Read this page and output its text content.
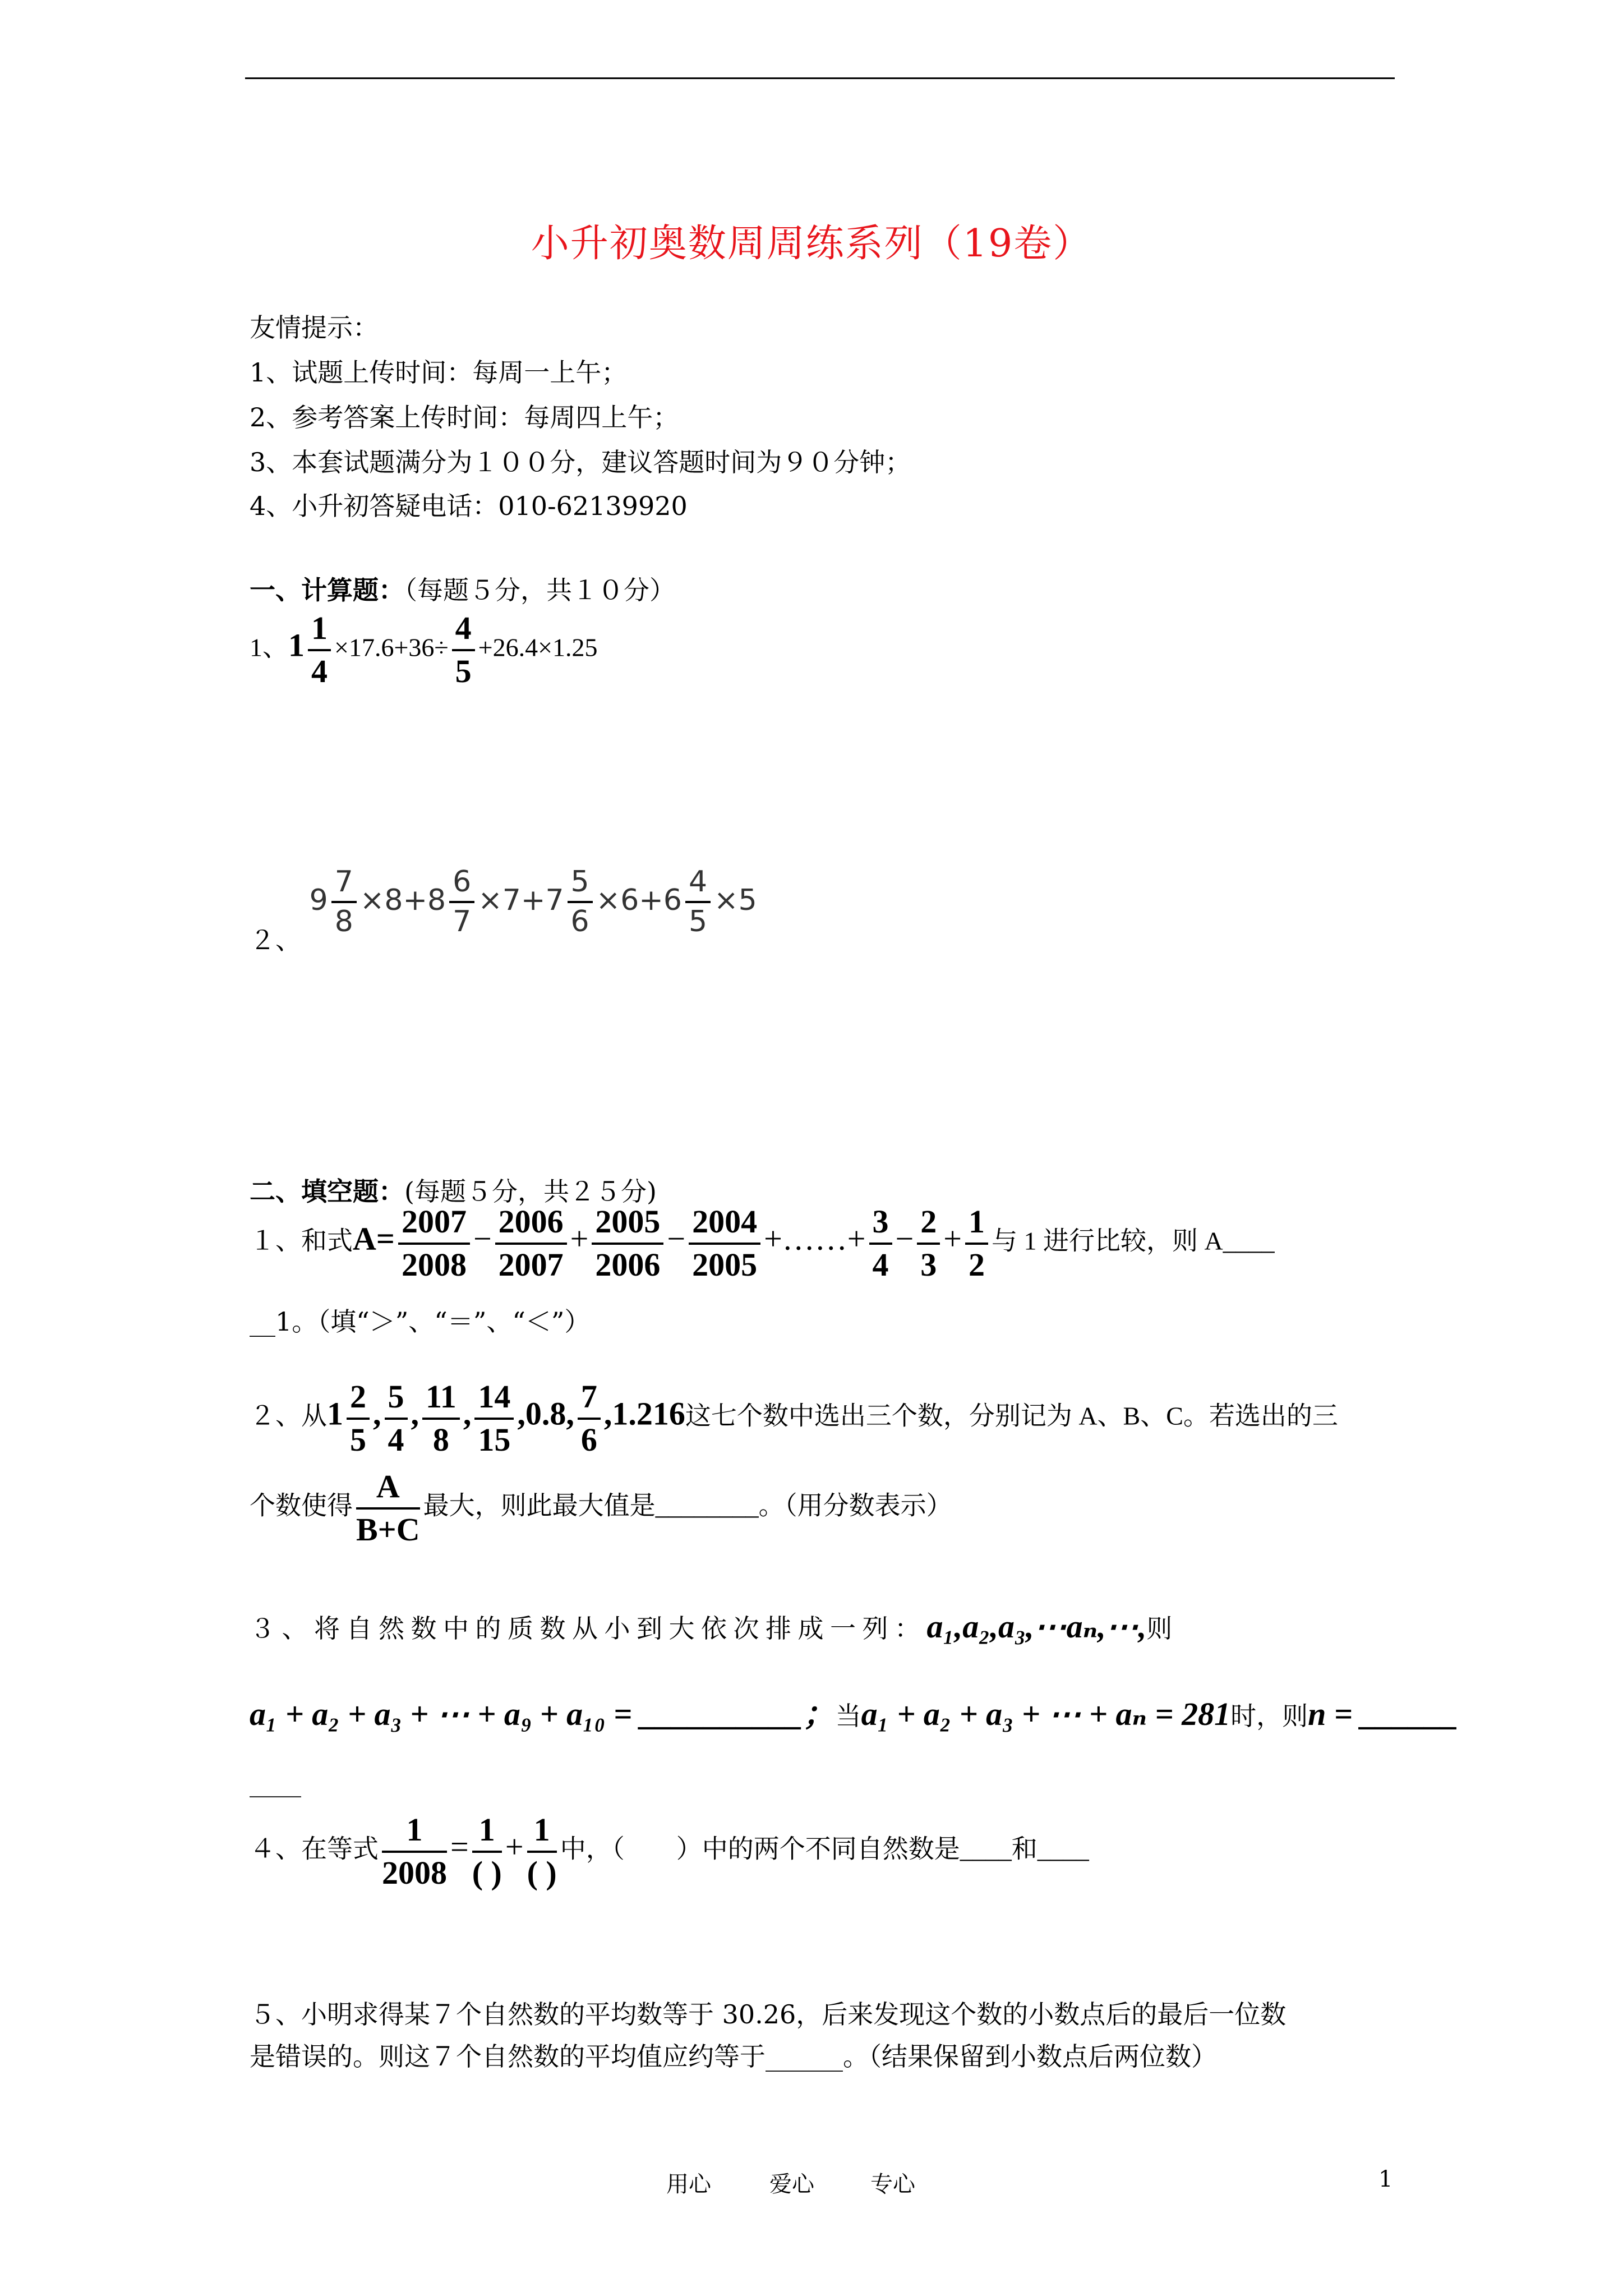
小升初奥数周周练系列（19卷）
友情提示：
1、试题上传时间：每周一上午；
2、参考答案上传时间：每周四上午；
3、本套试题满分为１００分，建议答题时间为９０分钟；
4、小升初答疑电话：010-62139920
一、计算题：（每题５分，共１０分）
1、$1 \frac{1}{4} \times 17.6+36\div \frac{4}{5} +26.4\times 1.25$
２、 $9 \frac{7}{8} \times 8+8 \frac{6}{7} \times 7+7 \frac{5}{6} \times 6+6 \frac{4}{5} \times 5$
二、填空题：(每题５分，共２５分)
１、和式$A= \frac{2007}{2008} - \frac{2006}{2007} + \frac{2005}{2006} - \frac{2004}{2005}$ +……+ $\frac{3}{4} - \frac{2}{3} + \frac{1}{2}$ 与 1 进行比较，则 A____
__1。（填“＞”、“＝”、“＜”）
２、从$1 \frac{2}{5}$ , $\frac{5}{4}$ , $\frac{11}{8}$ , $\frac{14}{15} ,0.8$, $\frac{7}{6} ,1.216$这七个数中选出三个数，分别记为 A、B、C。若选出的三
个数使得 $\frac{A}{B+C}$ 最大，则此最大值是________。（用分数表示）
３ 、 将 自 然 数 中 的 质 数 从 小 到 大 依 次 排 成 一 列 ： a₁,a₂,a₃,⋯aₙ,⋯,则
a₁ + a₂ + a₃ + ⋯ + a₉ + a₁₀ = __________；当a₁ + a₂ + a₃ + ⋯ + aₙ = 281时，则n = ______
____
４、在等式 $\frac{1}{2008} = \frac{1}{( )} + \frac{1}{( )}$ 中，（　　）中的两个不同自然数是____和____
５、小明求得某７个自然数的平均数等于 30.26，后来发现这个数的小数点后的最后一位数
是错误的。则这７个自然数的平均值应约等于______。（结果保留到小数点后两位数）
用心	爱心	专心	1
